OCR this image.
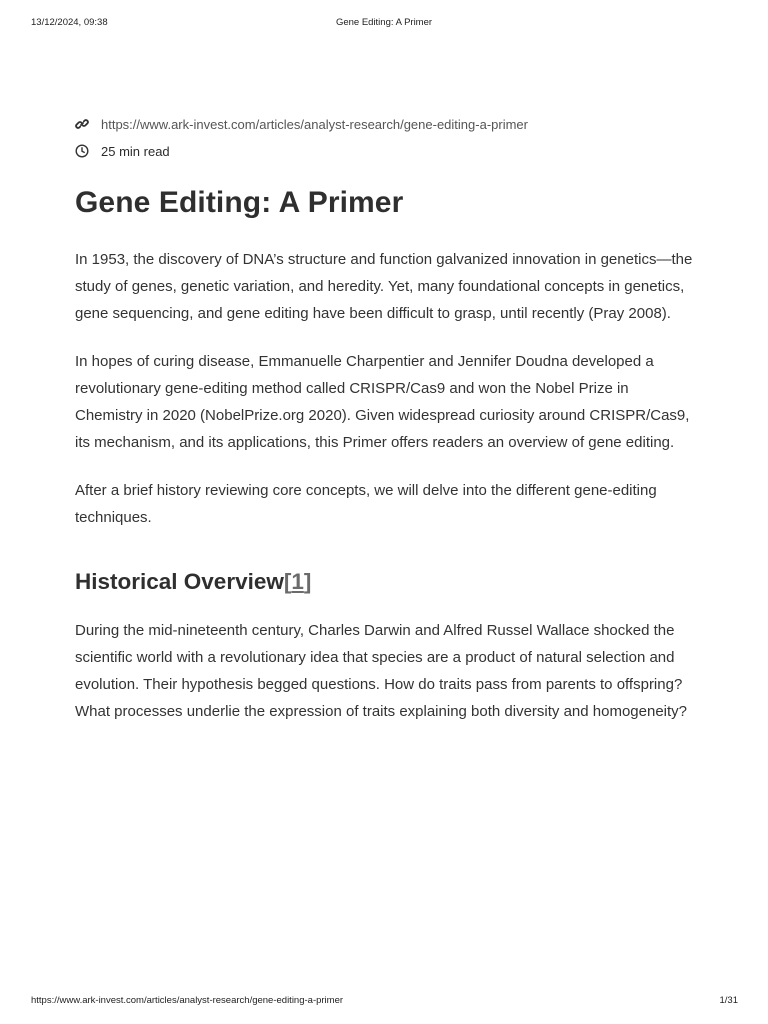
13/12/2024, 09:38	Gene Editing: A Primer
https://www.ark-invest.com/articles/analyst-research/gene-editing-a-primer
25 min read
Gene Editing: A Primer

In 1953, the discovery of DNA’s structure and function galvanized innovation in genetics—the study of genes, genetic variation, and heredity. Yet, many foundational concepts in genetics, gene sequencing, and gene editing have been difficult to grasp, until recently (Pray 2008).

In hopes of curing disease, Emmanuelle Charpentier and Jennifer Doudna developed a revolutionary gene-editing method called CRISPR/Cas9 and won the Nobel Prize in Chemistry in 2020 (NobelPrize.org 2020). Given widespread curiosity around CRISPR/Cas9, its mechanism, and its applications, this Primer offers readers an overview of gene editing.

After a brief history reviewing core concepts, we will delve into the different gene-editing techniques.

Historical Overview[1]

During the mid-nineteenth century, Charles Darwin and Alfred Russel Wallace shocked the scientific world with a revolutionary idea that species are a product of natural selection and evolution. Their hypothesis begged questions. How do traits pass from parents to offspring? What processes underlie the expression of traits explaining both diversity and homogeneity?

https://www.ark-invest.com/articles/analyst-research/gene-editing-a-primer	1/31
